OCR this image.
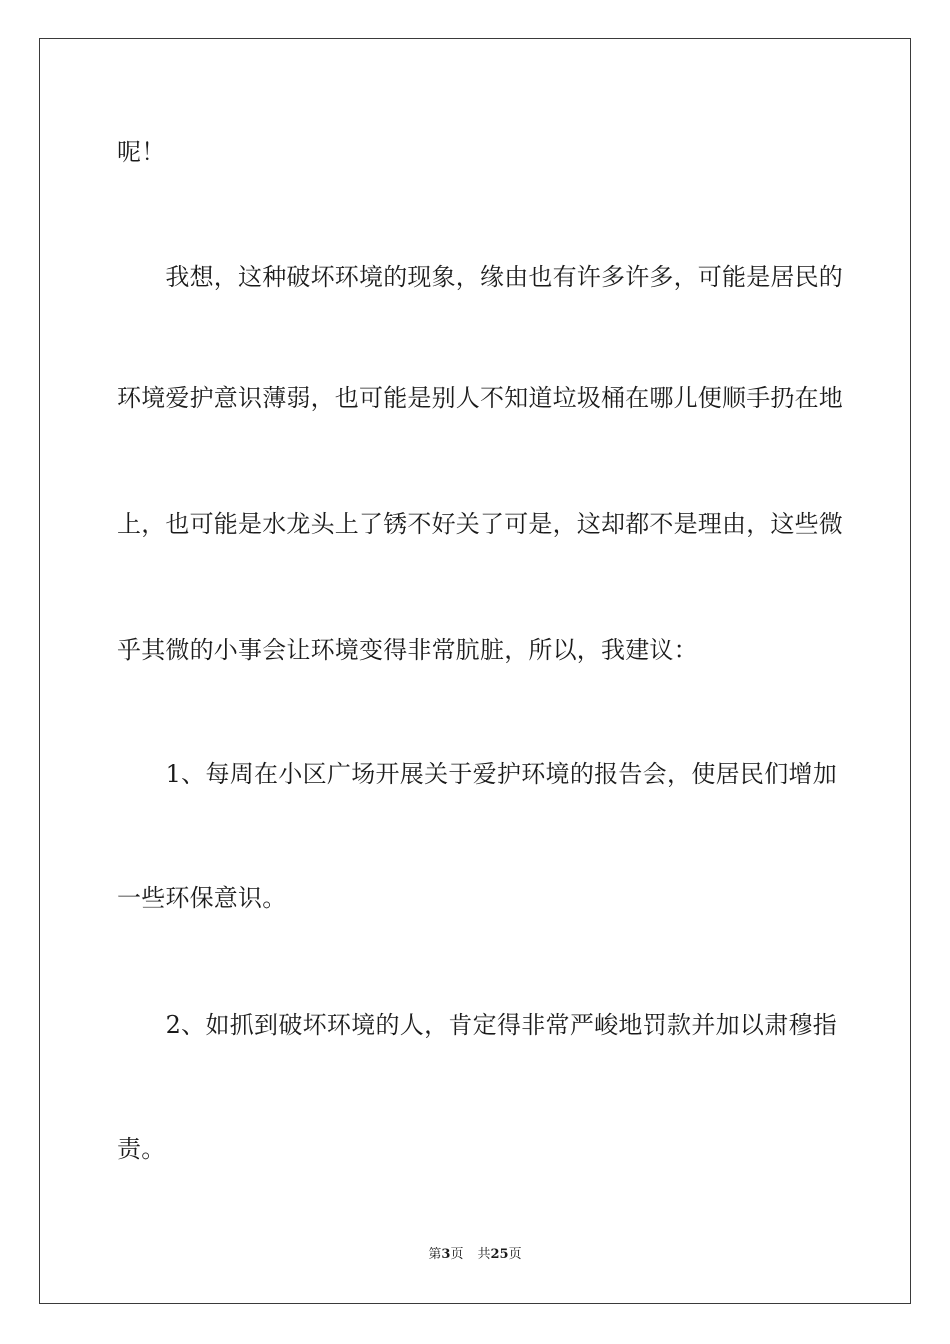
呢！
　　我想，这种破坏环境的现象，缘由也有许多许多，可能是居民的
环境爱护意识薄弱，也可能是别人不知道垃圾桶在哪儿便顺手扔在地
上，也可能是水龙头上了锈不好关了可是，这却都不是理由，这些微
乎其微的小事会让环境变得非常肮脏，所以，我建议：
　　1、每周在小区广场开展关于爱护环境的报告会，使居民们增加
一些环保意识。
　　2、如抓到破坏环境的人，肯定得非常严峻地罚款并加以肃穆指
责。
第3页 共25页
